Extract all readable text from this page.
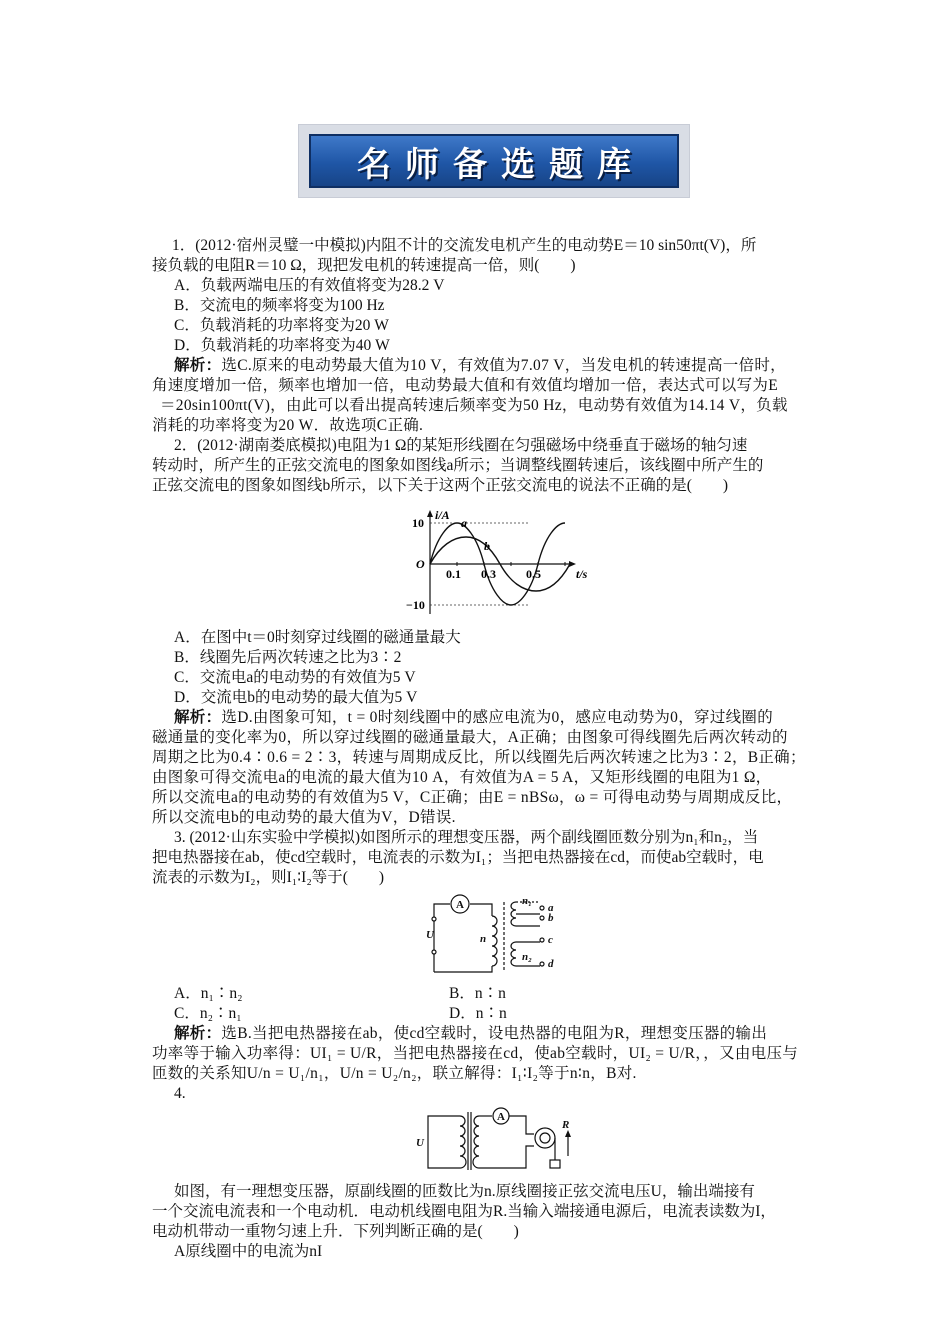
名师备选题库

1．(2012·宿州灵璧一中模拟)内阻不计的交流发电机产生的电动势E＝10 sin50πt(V)，所

接负载的电阻R＝10 Ω，现把发电机的转速提高一倍，则(　　)

A．负载两端电压的有效值将变为28.2 V

B．交流电的频率将变为100 Hz

C．负载消耗的功率将变为20 W

D．负载消耗的功率将变为40 W

解析：选C.原来的电动势最大值为10 V，有效值为7.07 V，当发电机的转速提高一倍时，

角速度增加一倍，频率也增加一倍，电动势最大值和有效值均增加一倍，表达式可以写为E

＝20sin100πt(V)，由此可以看出提高转速后频率变为50 Hz，电动势有效值为14.14 V，负载

消耗的功率将变为20 W．故选项C正确.

2．(2012·湖南娄底模拟)电阻为1 Ω的某矩形线圈在匀强磁场中绕垂直于磁场的轴匀速

转动时，所产生的正弦交流电的图象如图线a所示；当调整线圈转速后，该线圈中所产生的

正弦交流电的图象如图线b所示，以下关于这两个正弦交流电的说法不正确的是(　　)

i/A
t/s
O
10
−10
0.1 0.3	0.5
a
b

A．在图中t＝0时刻穿过线圈的磁通量最大

B．线圈先后两次转速之比为3∶2

C．交流电a的电动势的有效值为5 V

D．交流电b的电动势的最大值为5 V

解析：选D.由图象可知，t = 0时刻线圈中的感应电流为0，感应电动势为0，穿过线圈的

磁通量的变化率为0，所以穿过线圈的磁通量最大，A正确；由图象可得线圈先后两次转动的

周期之比为0.4∶0.6 = 2∶3，转速与周期成反比，所以线圈先后两次转速之比为3∶2，B正确；

由图象可得交流电a的电流的最大值为10 A，有效值为A = 5 A，又矩形线圈的电阻为1 Ω，

所以交流电a的电动势的有效值为5 V，C正确；由E = nBSω，ω = 可得电动势与周期成反比，

所以交流电b的电动势的最大值为V，D错误.

3. (2012·山东实验中学模拟)如图所示的理想变压器，两个副线圈匝数分别为n₁和n₂，当

把电热器接在ab，使cd空载时，电流表的示数为I₁；当把电热器接在cd，而使ab空载时，电

流表的示数为I₂，则I₁∶I₂等于(　　)

A
U	n
n₁
n₂
a
b
c
d
A．n₁∶n₂	B．n∶n
C．n₂∶n₁	D．n∶n

解析：选B.当把电热器接在ab，使cd空载时，设电热器的电阻为R，理想变压器的输出

功率等于输入功率得：UI₁ = U/R，当把电热器接在cd，使ab空载时，UI₂ = U/R，，又由电压与

匝数的关系知U/n = U₁/n₁，U/n = U₂/n₂，联立解得：I₁∶I₂等于n∶n，B对.

4.

U
A
R

如图，有一理想变压器，原副线圈的匝数比为n.原线圈接正弦交流电压U，输出端接有

一个交流电流表和一个电动机．电动机线圈电阻为R.当输入端接通电源后，电流表读数为I，

电动机带动一重物匀速上升．下列判断正确的是(　　)

A原线圈中的电流为nI
